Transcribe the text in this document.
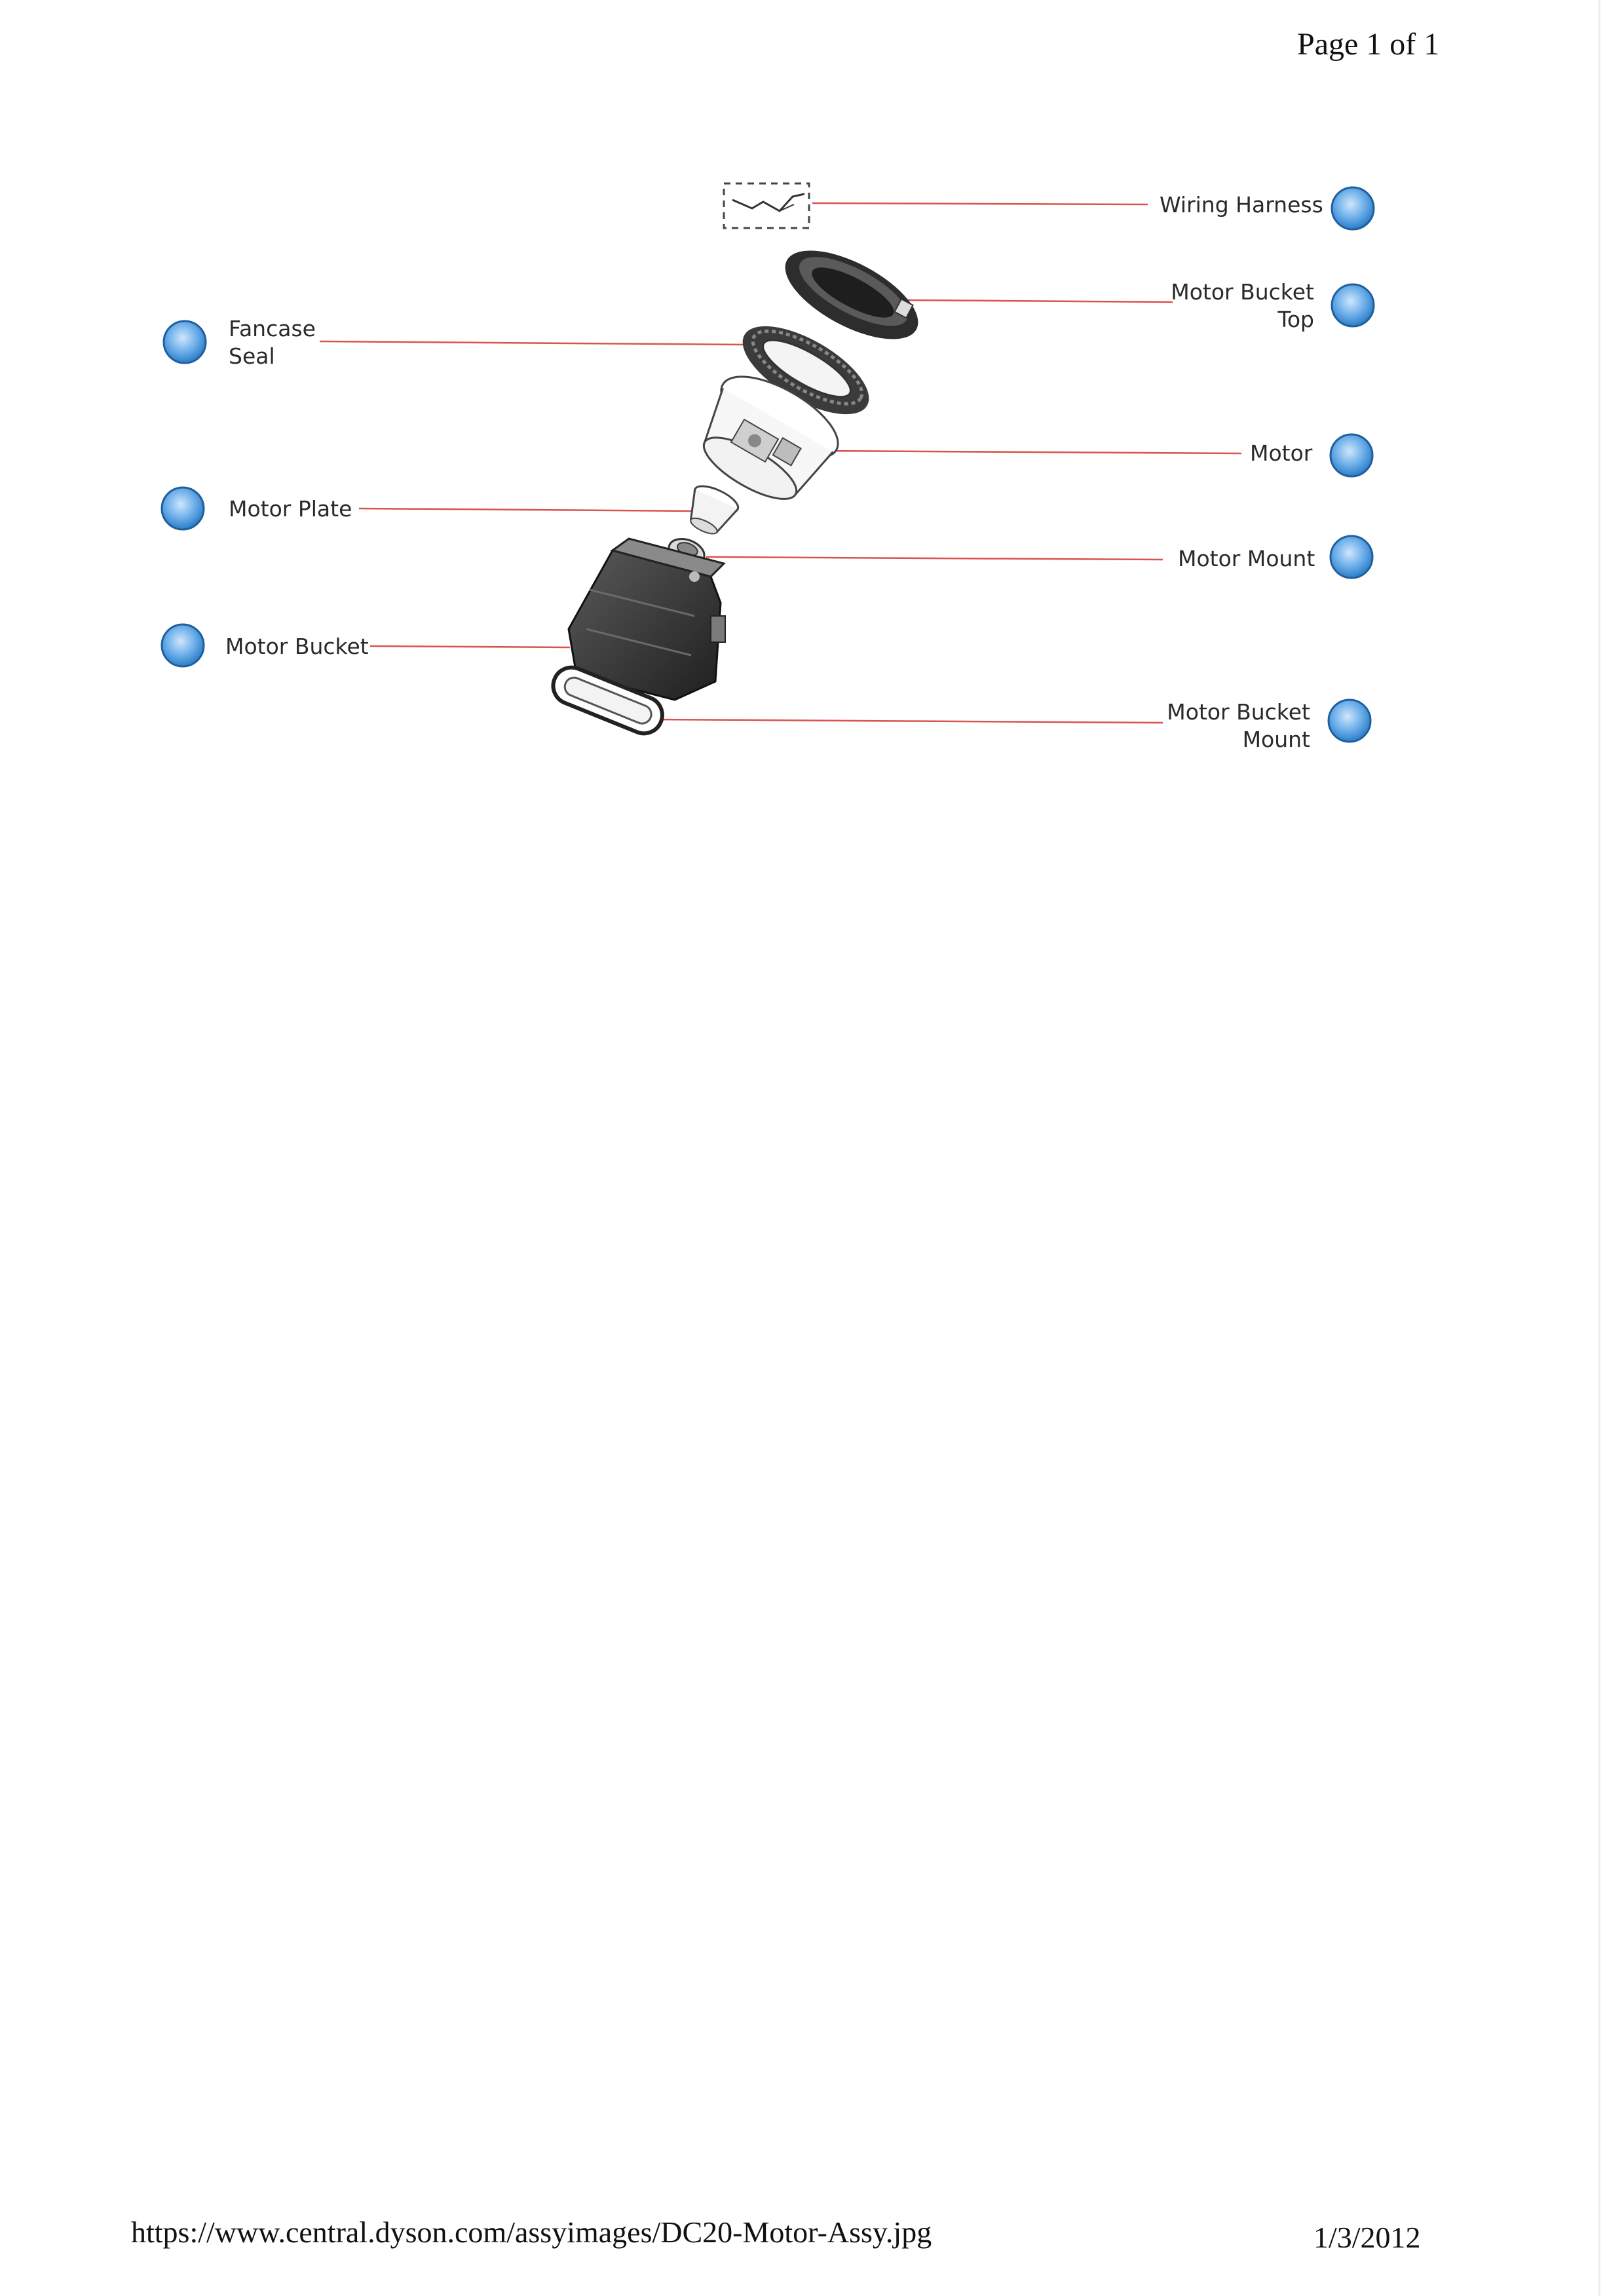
Page 1 of 1
Wiring Harness
Motor Bucket
Top
Fancase
Seal
Motor
Motor Plate
Motor Mount
Motor Bucket
Motor Bucket
Mount
https://www.central.dyson.com/assyimages/DC20-Motor-Assy.jpg	1/3/2012
